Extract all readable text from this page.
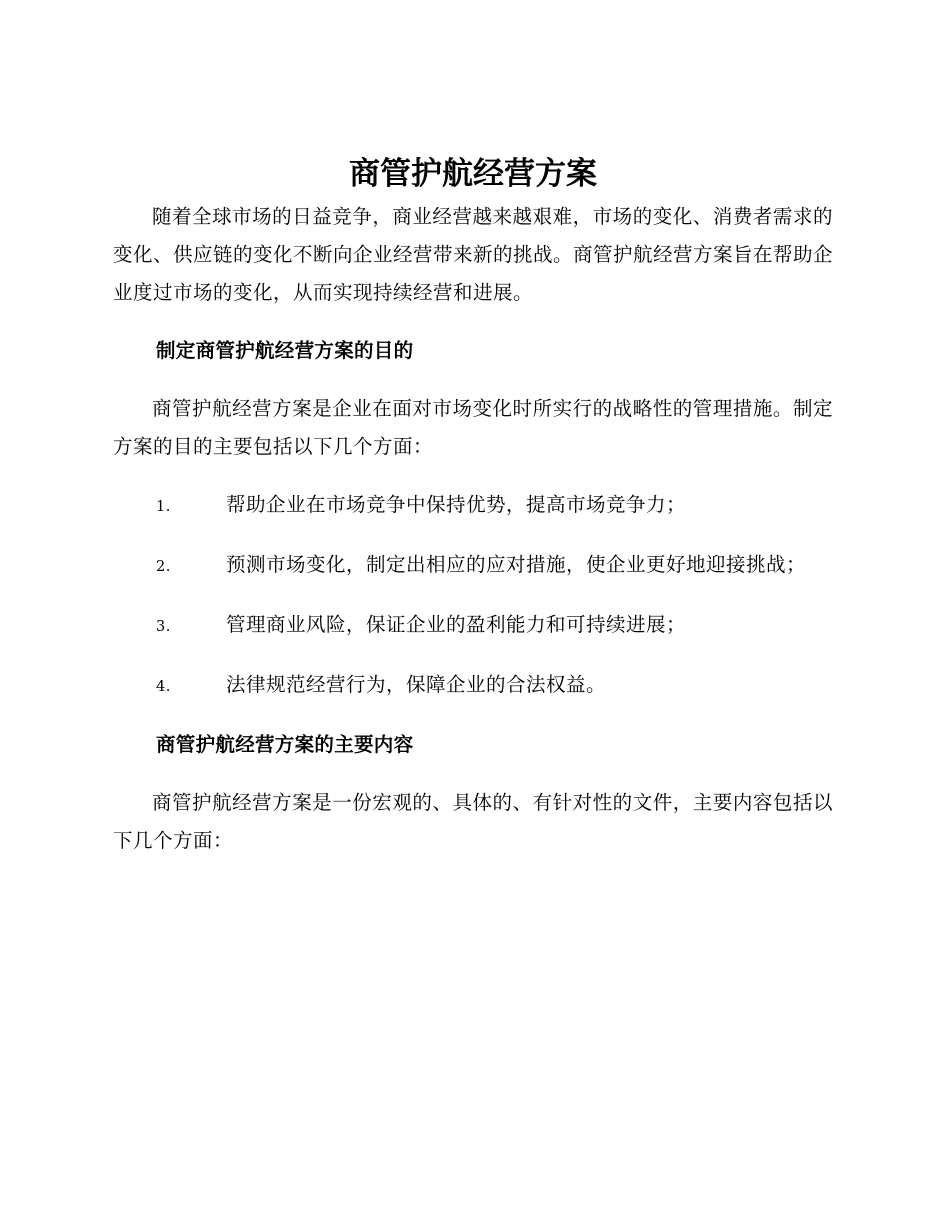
商管护航经营方案

随着全球市场的日益竞争，商业经营越来越艰难，市场的变化、消费者需求的变化、供应链的变化不断向企业经营带来新的挑战。商管护航经营方案旨在帮助企业度过市场的变化，从而实现持续经营和进展。

制定商管护航经营方案的目的

商管护航经营方案是企业在面对市场变化时所实行的战略性的管理措施。制定方案的目的主要包括以下几个方面：

1.	帮助企业在市场竞争中保持优势，提高市场竞争力；
2.	预测市场变化，制定出相应的应对措施，使企业更好地迎接挑战；
3.	管理商业风险，保证企业的盈利能力和可持续进展；
4.	法律规范经营行为，保障企业的合法权益。
商管护航经营方案的主要内容

商管护航经营方案是一份宏观的、具体的、有针对性的文件，主要内容包括以下几个方面：
